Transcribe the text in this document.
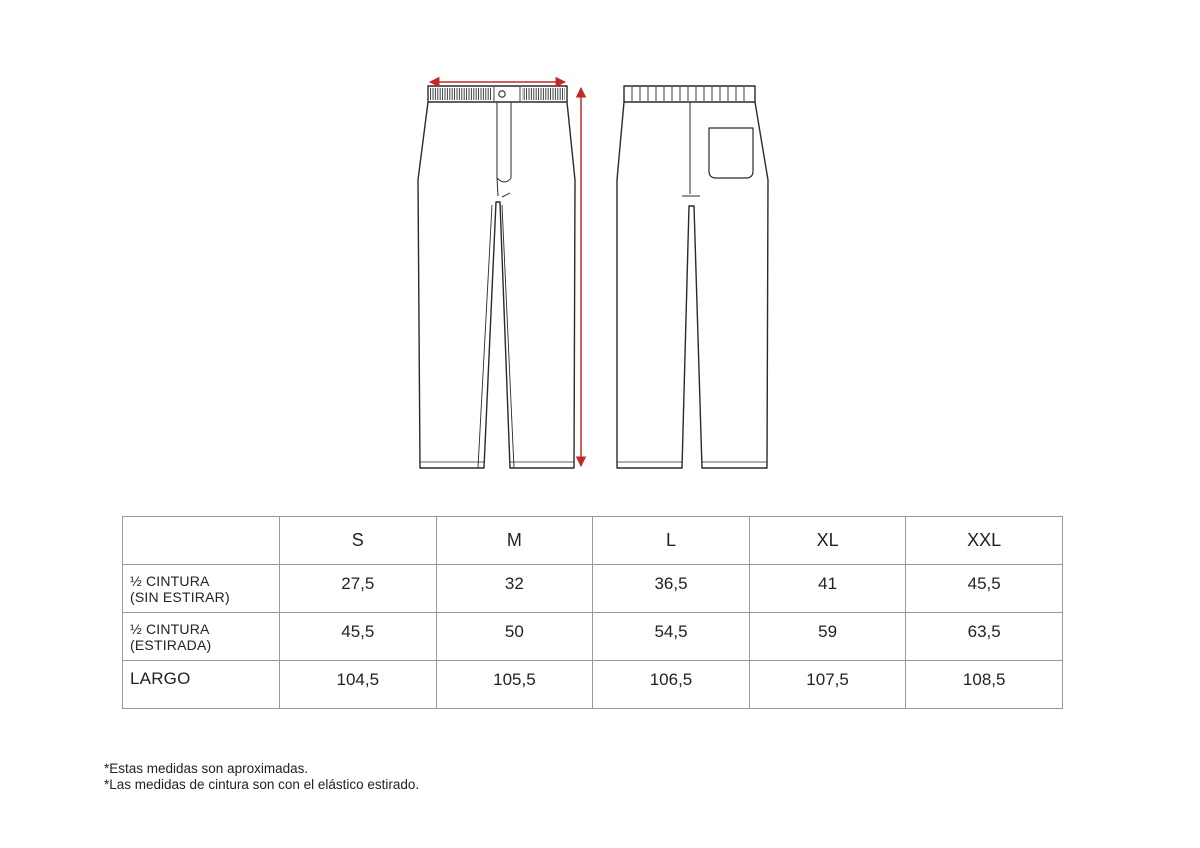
	S	M	L	XL	XXL

½ CINTURA
(SIN ESTIRAR)	27,5	32	36,5	41	45,5

½ CINTURA
(ESTIRADA)	45,5	50	54,5	59	63,5

LARGO	104,5	105,5	106,5	107,5	108,5
*Estas medidas son aproximadas.
*Las medidas de cintura son con el elástico estirado.
